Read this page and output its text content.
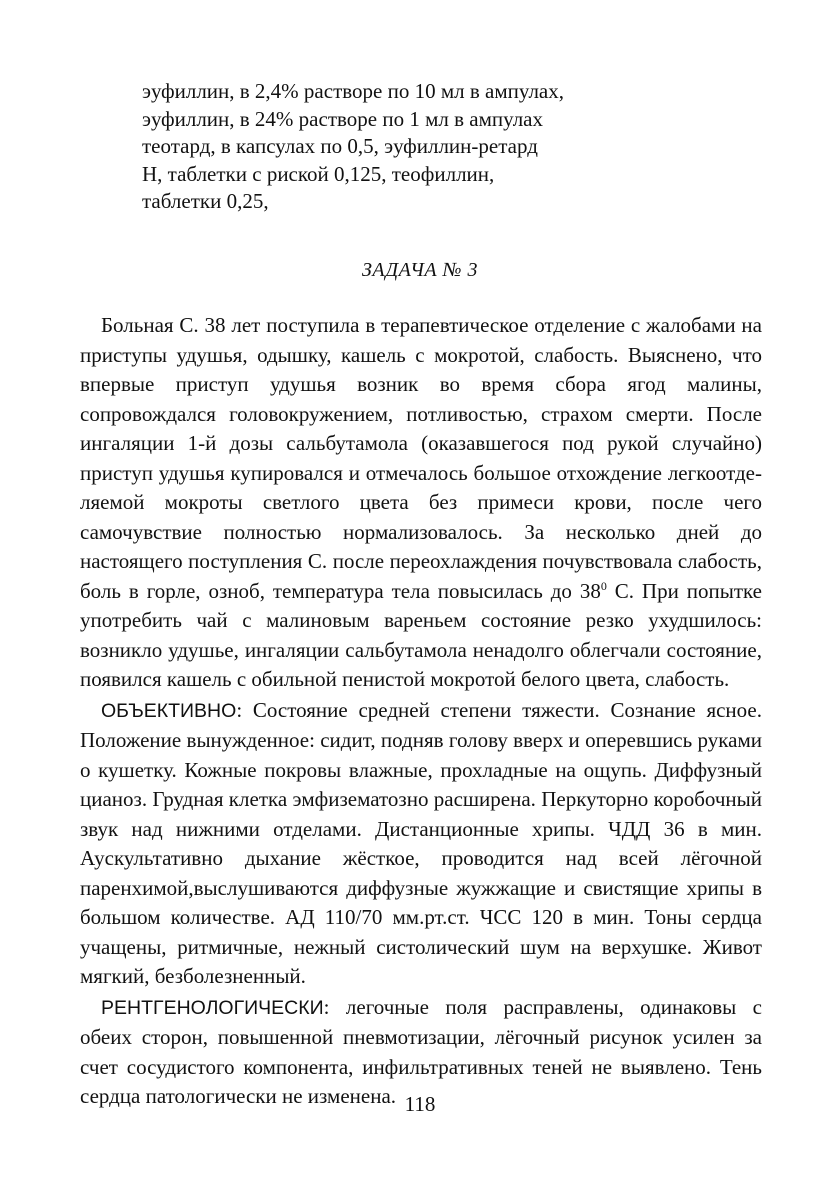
эуфиллин, в 2,4% растворе по 10 мл в ампулах,
эуфиллин, в 24% растворе по 1 мл в ампулах
теотард, в капсулах по 0,5, эуфиллин-ретард
Н, таблетки с риской 0,125, теофиллин,
таблетки 0,25,
ЗАДАЧА № 3

Больная С. 38 лет поступила в терапевтическое отделение с жалобами на приступы удушья, одышку, кашель с мокротой, слабость. Выяснено, что впервые приступ удушья возник во время сбора ягод малины, сопровождался головокружением, потливостью, страхом смерти. После ингаляции 1-й дозы сальбутамола (оказавшегося под рукой случайно) приступ удушья купировался и отмечалось большое отхождение легкоотде-ляемой мокроты светлого цвета без примеси крови, после чего самочувствие полностью нормализовалось. За несколько дней до настоящего поступления С. после переохлаждения почувствовала слабость, боль в горле, озноб, температура тела повысилась до $38^0$ С. При попытке употребить чай с малиновым вареньем состояние резко ухудшилось: возникло удушье, ингаляции сальбутамола ненадолго облегчали состояние, появился кашель с обильной пенистой мокротой белого цвета, слабость.

ОБЪЕКТИВНО: Состояние средней степени тяжести. Сознание ясное. Положение вынужденное: сидит, подняв голову вверх и оперевшись руками о кушетку. Кожные покровы влажные, прохладные на ощупь. Диффузный цианоз. Грудная клетка эмфизематозно расширена. Перкуторно коробочный звук над нижними отделами. Дистанционные хрипы. ЧДД 36 в мин. Аускультативно дыхание жёсткое, проводится над всей лёгочной паренхимой,выслушиваются диффузные жужжащие и свистящие хрипы в большом количестве. АД 110/70 мм.рт.ст. ЧСС 120 в мин. Тоны сердца учащены, ритмичные, нежный систолический шум на верхушке. Живот мягкий, безболезненный.

РЕНТГЕНОЛОГИЧЕСКИ: легочные поля расправлены, одинаковы с обеих сторон, повышенной пневмотизации, лёгочный рисунок усилен за счет сосудистого компонента, инфильтративных теней не выявлено. Тень сердца патологически не изменена. 118
